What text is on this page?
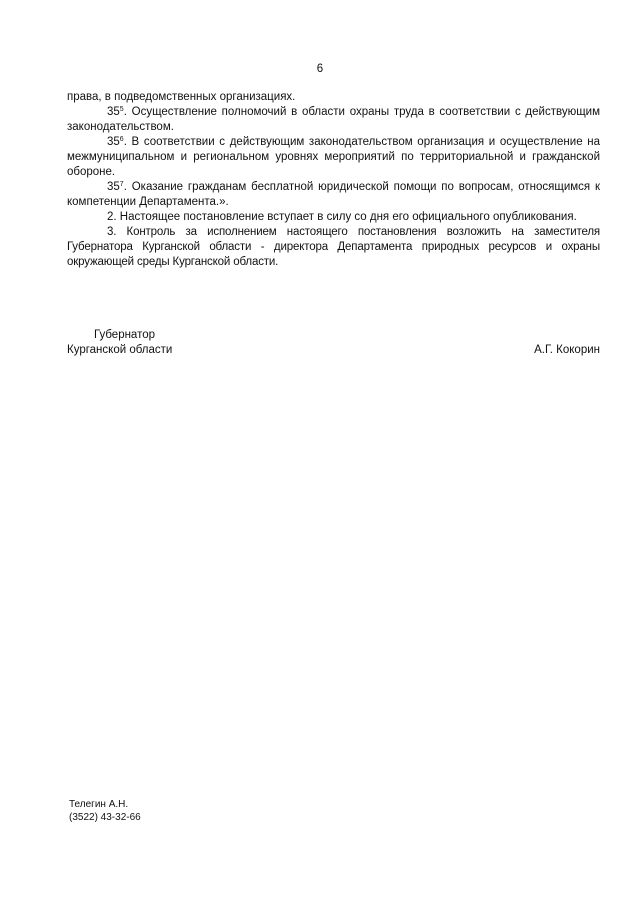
6

права, в подведомственных организациях.

$35^5$. Осуществление полномочий в области охраны труда в соответствии с действующим законодательством.

$35^6$. В соответствии с действующим законодательством организация и осуществление на межмуниципальном и региональном уровнях мероприятий по территориальной и гражданской обороне.

$35^7$. Оказание гражданам бесплатной юридической помощи по вопросам, относящимся к компетенции Департамента.».

2. Настоящее постановление вступает в силу со дня его официального опубликования.

3. Контроль за исполнением настоящего постановления возложить на заместителя Губернатора Курганской области - директора Департамента природных ресурсов и охраны окружающей среды Курганской области.

Губернатор
Курганской области	А.Г. Кокорин
Телегин А.Н.
(3522) 43-32-66
